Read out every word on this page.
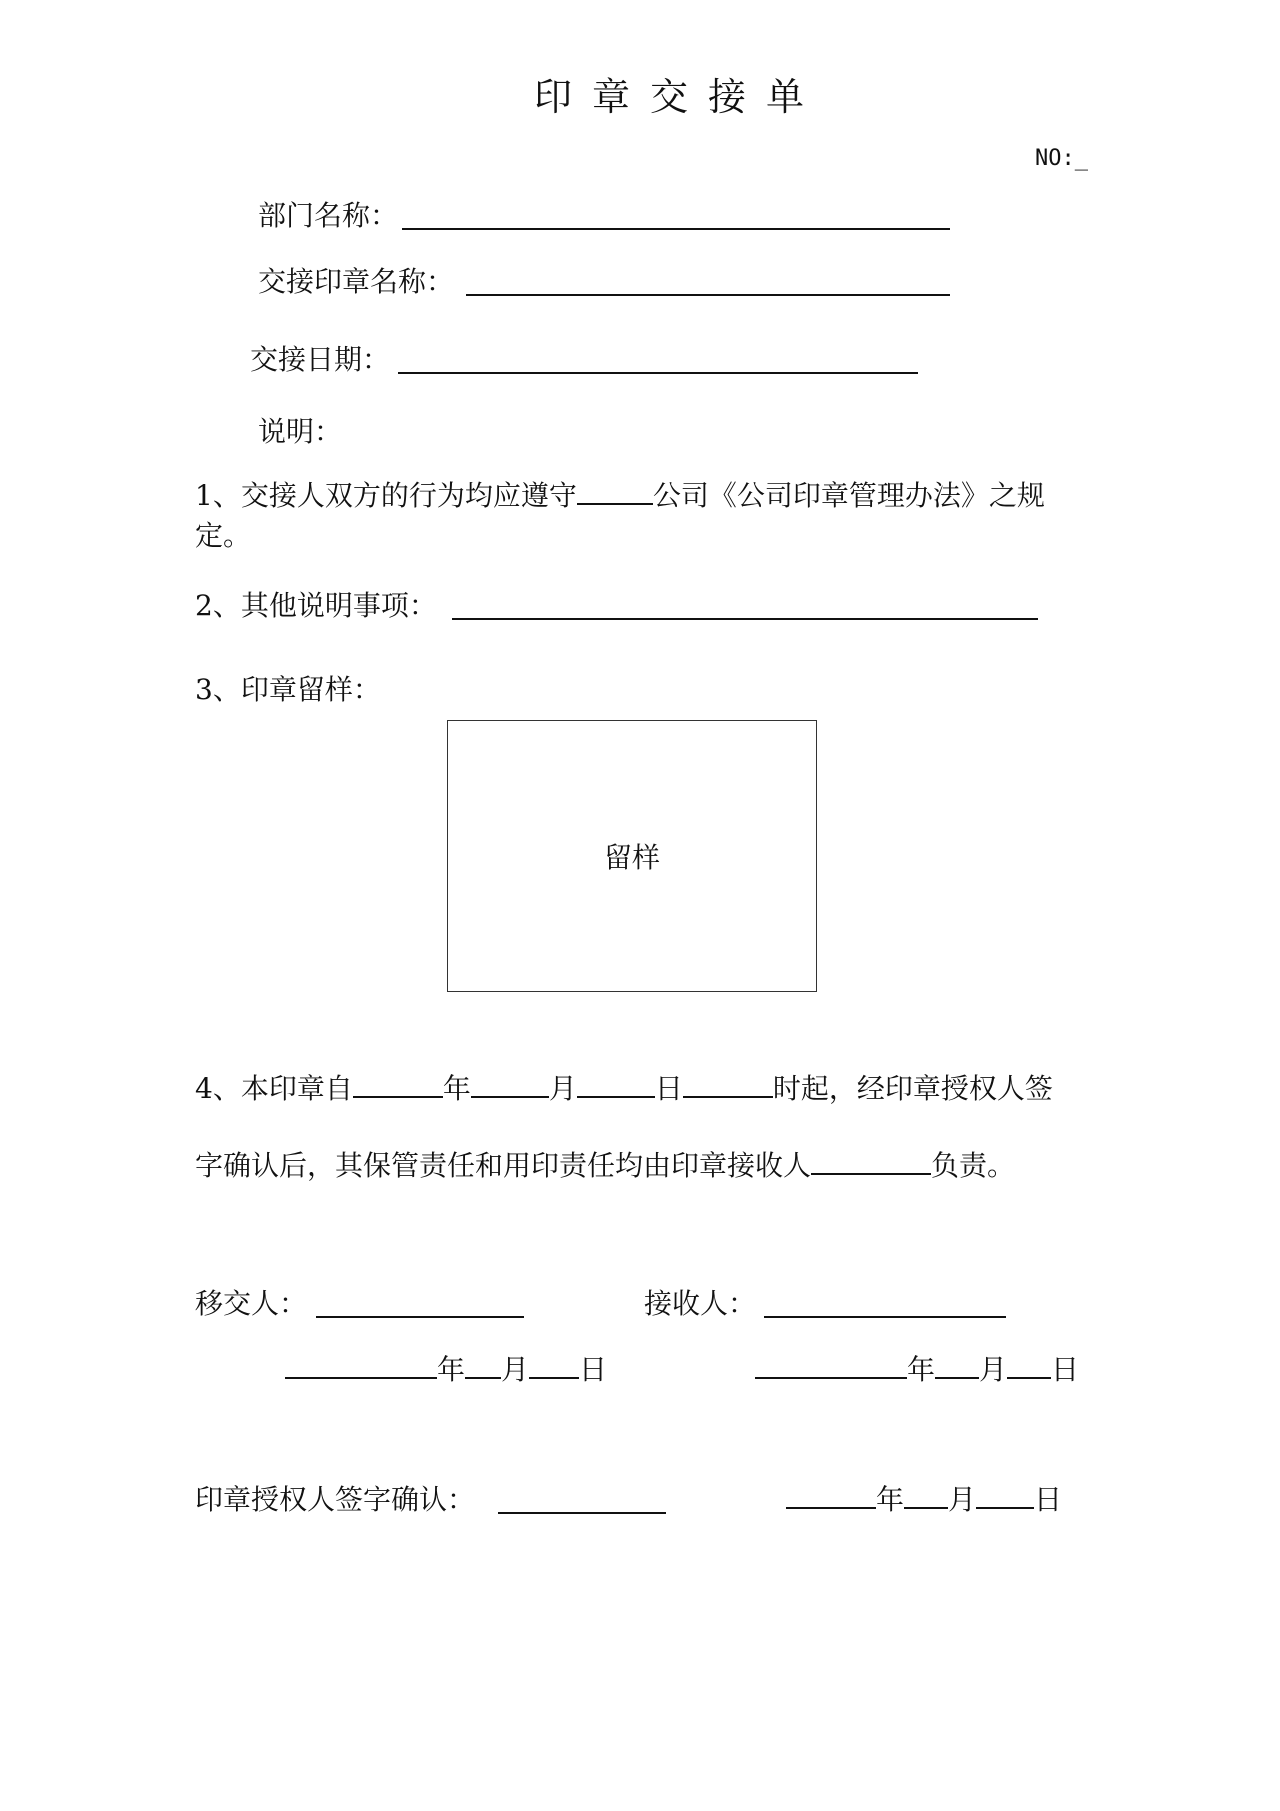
印章交接单
NO:_
部门名称：
交接印章名称：
交接日期：
说明：
1、交接人双方的行为均应遵守	公司《公司印章管理办法》之规
定。
2、其他说明事项：
3、印章留样：
留样
4、本印章自	年	月	日	时起，经印章授权人签
字确认后，其保管责任和用印责任均由印章接收人	负责。
移交人：	接收人：
年 月 日	年 月 日
印章授权人签字确认：	年 月 日
